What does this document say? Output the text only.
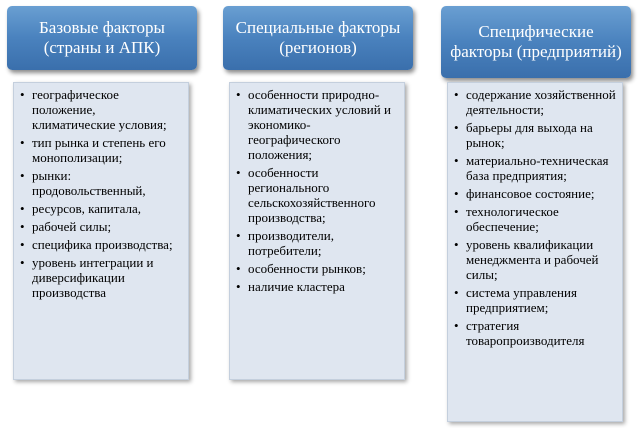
Базовые факторы (страны и АПК)
• географическое положение, климатические условия;
• тип рынка и степень его монополизации;
• рынки: продовольственный,
• ресурсов, капитала,
• рабочей силы;
• специфика производства;
• уровень интеграции и диверсификации производства
Специальные факторы (регионов)
• особенности природно-климатических условий и экономико-географического положения;
• особенности регионального сельскохозяйственного производства;
• производители, потребители;
• особенности рынков;
• наличие кластера
Специфические факторы (предприятий)
• содержание хозяйственной деятельности;
• барьеры для выхода на рынок;
• материально-техническая база предприятия;
• финансовое состояние;
• технологическое обеспечение;
• уровень квалификации менеджмента и рабочей силы;
• система управления предприятием;
• стратегия товаропроизводителя
